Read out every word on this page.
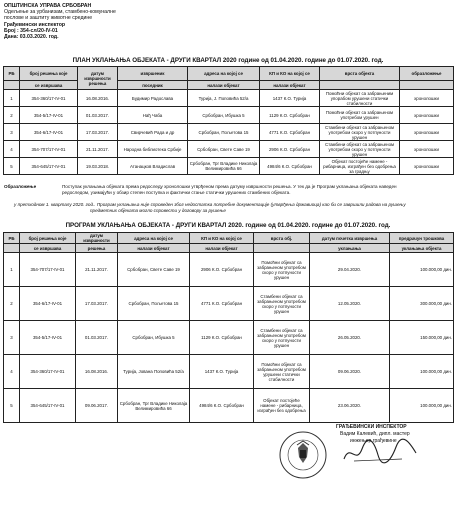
ОПШТИНСКА УПРАВА СРБОБРАН
Одељење за урбанизам, стамбено-комуналне
послове и заштиту животне средине
Грађевински инспектор
Број : 354-сл/20-IV-01
Дана: 03.03.2020. год.
ПЛАН УКЛАЊАЊА ОБЈЕКАТА - ДРУГИ КВАРТАЛ 2020 године од 01.04.2020. године до 01.07.2020. год.
РБ	број решења које	датум извршности решења	извршеник	адреса на којој се	КП и КО на којој се	врста објекта	образложење
	се извршава		поседник	налази објекат	налази објекат		
1	354-360/17-IV-01	16.08.2016.	Будимир Радослава	Турија, Ј. Поповића 52/а	1437 К.О. Турија	Помоћни објекат са забрањеним упорабом урушени статички стабилности	хронолошки
2	354-5/17-IV-01	01.03.2017.	Нађ Чаба	Србобран, Ибушка 5	1129 К.О. Србобран	Помоћни објекат са забрањеном употребом урушен	хронолошки
3	354-6/17-IV-01	17.03.2017.	Свирчевић Рада и др	Србобран, Пољетова 15	4771 К.О. Србобран	Стамбени објекат са забрањеном употребом скоро у потпуности урушен	хронолошки
4	354-707/17-IV-01	21.11.2017.	Народна библиотека Србије	Србобран, Светe Саве 19	2906 К.О. Србобран	Стамбени објекат са забрањеном употребом скоро у потпуности урушен	хронолошки
5	354-645/17-IV-01	19.03.2018.	Атанацков Владислав	Србобран, Трг Владике Николаја Велимировића 66	4984/6 К.О. Србобран	Објекат постојеће намене - рибарница, изграђен без одобрења за градњу	хронолошки
Образложење	Поступак уклањања објеката према редоследу хронолошки утврђеном према датуму извршности решења. У тек да је Програм уклањања објеката наведен
редоследом, узимајући у обзир степен поступка и фактички стање статички урушених стамбених објеката.
у претходном 1. кварталу 2020. год.. Програм уклањања није спроведен због недостатка потребне документације (утврђења државиоца) као би се завршили радова на рушењу
предметних објеката могло спровести у договору за рушење
ПРОГРАМ УКЛАЊАЊА ОБЈЕКАТА - ДРУГИ КВАРТАЛ 2020. године од 01.04.2020. године до 01.07.2020. год.
РБ	број решења које	датум извршности	адреса на којој се	КП и КО на којој се	врста обј.	датум почетка извршења	предрачун трошкова
	се извршава	решења	налази објекат	налази објекат		уклањања	уклањања објекта
1	354-707/17-IV-01	21.11.2017.	Србобран, Светe Саве 19	2906 К.О. Србобран	Помоћни објекат са забрањеном употребом скоро у потпуности урушен	29.04.2020.	100.000,00 дин.
2	354-6/17-IV-01	17.03.2017.	Србобран, Пољетова 15	4771 К.О. Србобран	Стамбени објекат са забрањеном употребом скоро у потпуности урушен	12.05.2020.	300.000,00 дин.
3	354-5/17-IV-01	01.03.2017.	Србобран, Ибушка 5	1129 К.О. Србобран	Стамбени објекат са забрањеном употребом скоро у потпуности урушен	26.05.2020.	150.000,00 дин.
4	354-360/17-IV-01	16.08.2016.	Турија, Јована Поповића 52/а	1437 К.О. Турија	Помоћни објекат са забрањеном употребом урушени статички стабилности	09.06.2020.	100.000,00 дин.
5	354-645/17-IV-01	09.06.2017.	Србобран, Трг Владике Николаја Велимировића 66	4984/6 К.О. Србобран	Објекат постојеће намене - рибарница, изграђен без одобрења	23.06.2020.	100.000,00 дин.
ГРАЂЕВИНСКИ ИНСПЕКТОР
Вадим Калевић, дипл. мастер
инжењер грађевине
